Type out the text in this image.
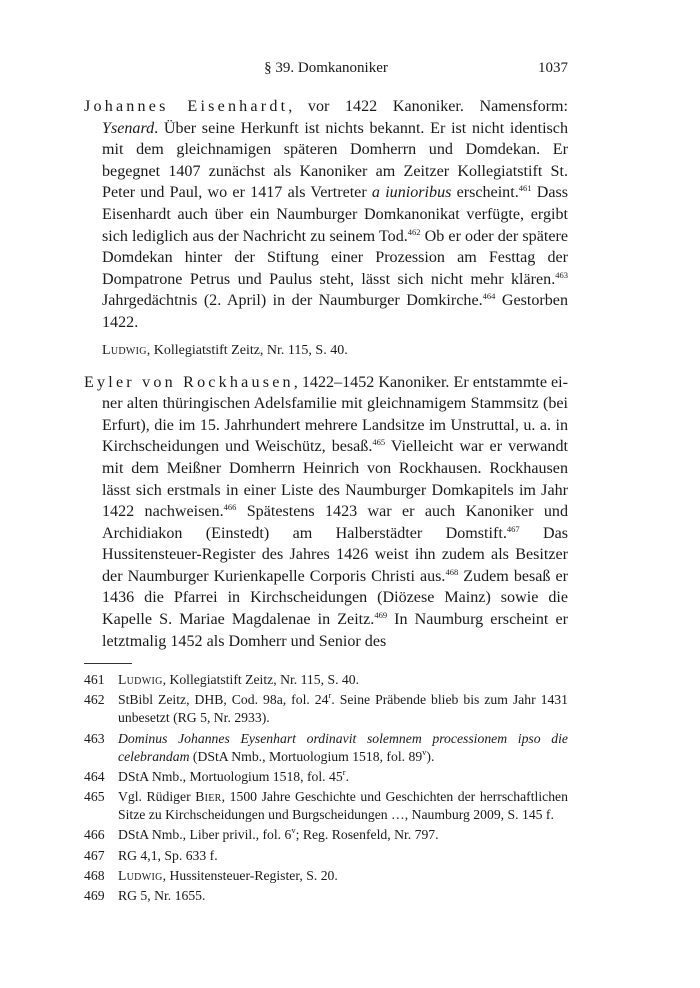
§ 39. Domkanoniker	1037

Johannes Eisenhardt, vor 1422 Kanoniker. Namensform: Ysenard. Über seine Herkunft ist nichts bekannt. Er ist nicht identisch mit dem gleichnamigen späteren Domherrn und Domdekan. Er begegnet 1407 zunächst als Kanoniker am Zeitzer Kollegiatstift St. Peter und Paul, wo er 1417 als Vertreter a iunioribus erscheint.$^{461}$ Dass Eisenhardt auch über ein Naumburger Domkanonikat verfügte, ergibt sich lediglich aus der Nachricht zu seinem Tod.$^{462}$ Ob er oder der spätere Domdekan hinter der Stiftung einer Prozession am Festtag der Dompatrone Petrus und Paulus steht, lässt sich nicht mehr klären.$^{463}$ Jahrgedächtnis (2. April) in der Naumburger Domkirche.$^{464}$ Gestorben 1422.

Ludwig, Kollegiatstift Zeitz, Nr. 115, S. 40.

Eyler von Rockhausen, 1422–1452 Kanoniker. Er entstammte einer alten thüringischen Adelsfamilie mit gleichnamigem Stammsitz (bei Erfurt), die im 15. Jahrhundert mehrere Landsitze im Unstruttal, u. a. in Kirchscheidungen und Weischütz, besaß.$^{465}$ Vielleicht war er verwandt mit dem Meißner Domherrn Heinrich von Rockhausen. Rockhausen lässt sich erstmals in einer Liste des Naumburger Domkapitels im Jahr 1422 nachweisen.$^{466}$ Spätestens 1423 war er auch Kanoniker und Archidiakon (Einstedt) am Halberstädter Domstift.$^{467}$ Das Hussitensteuer-Register des Jahres 1426 weist ihn zudem als Besitzer der Naumburger Kurienkapelle Corporis Christi aus.$^{468}$ Zudem besaß er 1436 die Pfarrei in Kirchscheidungen (Diözese Mainz) sowie die Kapelle S. Mariae Magdalenae in Zeitz.$^{469}$ In Naumburg erscheint er letztmalig 1452 als Domherr und Senior des

461 Ludwig, Kollegiatstift Zeitz, Nr. 115, S. 40.
462 StBibl Zeitz, DHB, Cod. 98a, fol. 24$^r$. Seine Präbende blieb bis zum Jahr 1431 unbesetzt (RG 5, Nr. 2933).
463 Dominus Johannes Eysenhart ordinavit solemnem processionem ipso die celebrandam (DStA Nmb., Mortuologium 1518, fol. 89$^v$).
464 DStA Nmb., Mortuologium 1518, fol. 45$^r$.
465 Vgl. Rüdiger Bier, 1500 Jahre Geschichte und Geschichten der herrschaftlichen Sitze zu Kirchscheidungen und Burgscheidungen …, Naumburg 2009, S. 145 f.
466 DStA Nmb., Liber privil., fol. 6$^v$; Reg. Rosenfeld, Nr. 797.
467 RG 4,1, Sp. 633 f.
468 Ludwig, Hussitensteuer-Register, S. 20.
469 RG 5, Nr. 1655.
